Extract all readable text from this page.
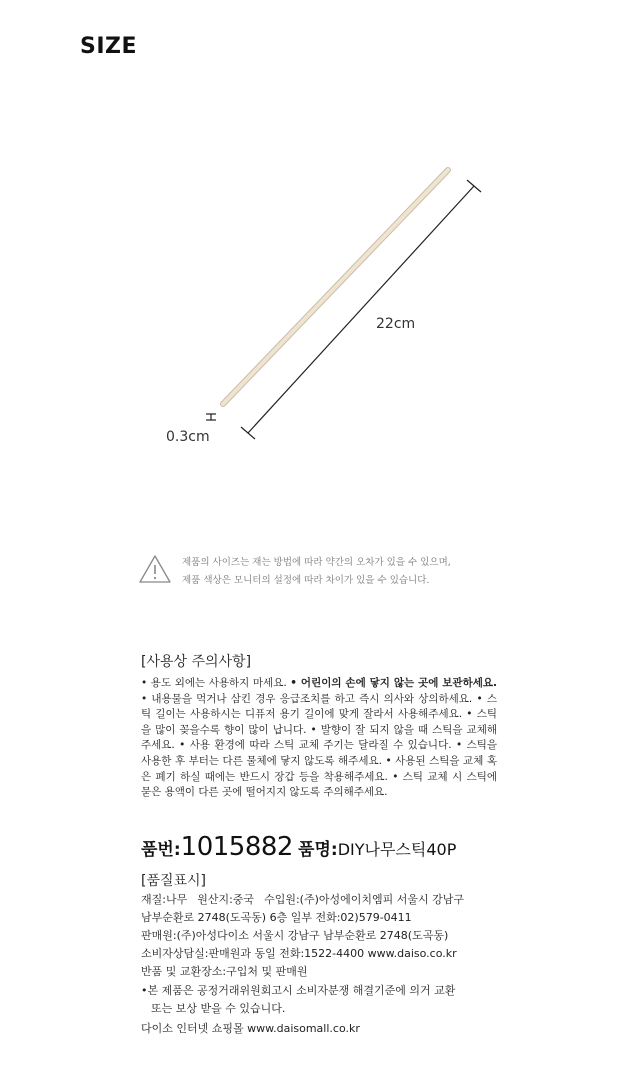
SIZE
22cm
0.3cm
제품의 사이즈는 재는 방법에 따라 약간의 오차가 있을 수 있으며,
제품 색상은 모니터의 설정에 따라 차이가 있을 수 있습니다.
[사용상 주의사항]
• 용도 외에는 사용하지 마세요. • 어린이의 손에 닿지 않는 곳에 보관하세요. • 내용물을 먹거나 삼킨 경우 응급조치를 하고 즉시 의사와 상의하세요. • 스틱 길이는 사용하시는 디퓨저 용기 길이에 맞게 잘라서 사용해주세요. • 스틱을 많이 꽂을수록 향이 많이 납니다. • 발향이 잘 되지 않을 때 스틱을 교체해주세요. • 사용 환경에 따라 스틱 교체 주기는 달라질 수 있습니다. • 스틱을 사용한 후 부터는 다른 물체에 닿지 않도록 해주세요. • 사용된 스틱을 교체 혹은 폐기 하실 때에는 반드시 장갑 등을 착용해주세요. • 스틱 교체 시 스틱에 묻은 용액이 다른 곳에 떨어지지 않도록 주의해주세요.
품번:1015882 품명:DIY나무스틱40P
[품질표시]
재질:나무 원산지:중국 수입원:(주)아성에이치엠피 서울시 강남구
남부순환로 2748(도곡동) 6층 일부 전화:02)579-0411
판매원:(주)아성다이소 서울시 강남구 남부순환로 2748(도곡동)
소비자상담실:판매원과 동일 전화:1522-4400 www.daiso.co.kr
반품 및 교환장소:구입처 및 판매원
•본 제품은 공정거래위원회고시 소비자분쟁 해결기준에 의거 교환
또는 보상 받을 수 있습니다.
다이소 인터넷 쇼핑몰 www.daisomall.co.kr
